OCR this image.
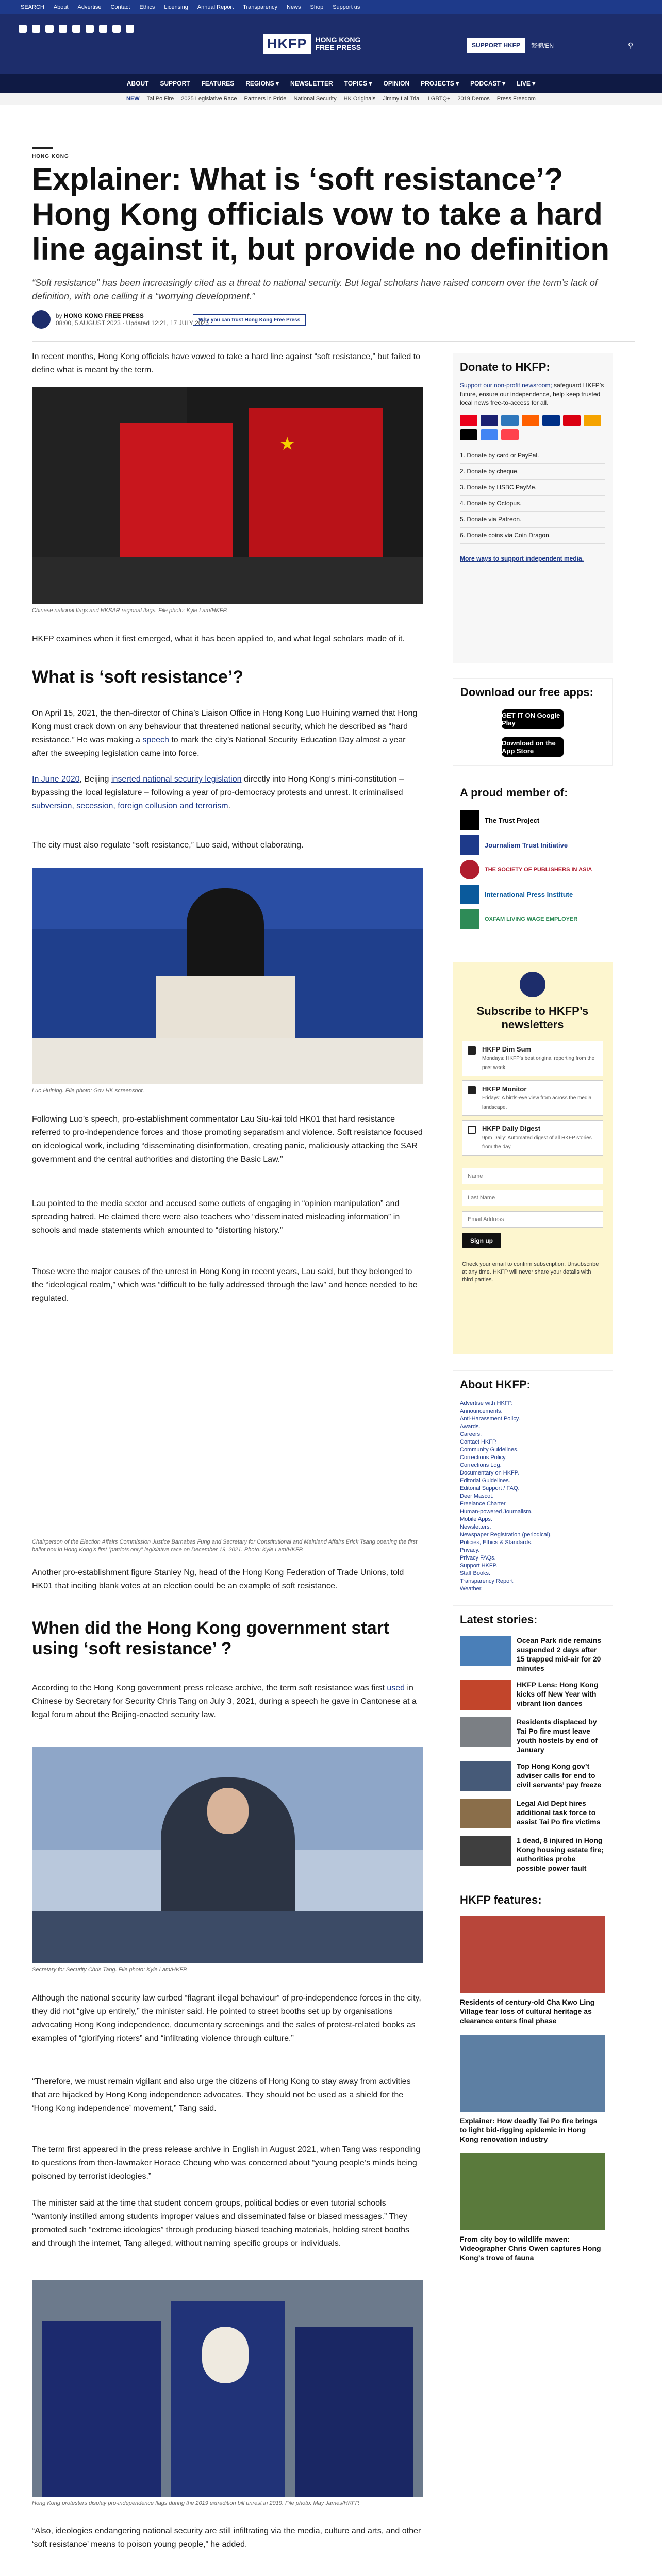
SEARCH About Advertise Contact Ethics Licensing Annual Report Transparency News Shop Support us
HKFP	HONG KONG
FREE PRESS	SUPPORT HKFP	繁體/EN	⚲
ABOUT SUPPORT FEATURES REGIONS ▾ NEWSLETTER TOPICS ▾ OPINION PROJECTS ▾ PODCAST ▾ LIVE ▾
NEW Tai Po Fire 2025 Legislative Race Partners in Pride National Security HK Originals Jimmy Lai Trial LGBTQ+ 2019 Demos Press Freedom
HONG KONG
Explainer: What is ‘soft resistance’? Hong Kong officials vow to take a hard line against it, but provide no definition
“Soft resistance” has been increasingly cited as a threat to national security. But legal scholars have raised concern over the term’s lack of definition, with one calling it a “worrying development.”
by HONG KONG FREE PRESS
08:00, 5 AUGUST 2023 · Updated 12:21, 17 JULY 2025
Why you can trust Hong Kong Free Press

In recent months, Hong Kong officials have vowed to take a hard line against “soft resistance,” but failed to define what is meant by the term.

★
Chinese national flags and HKSAR regional flags. File photo: Kyle Lam/HKFP.

HKFP examines when it first emerged, what it has been applied to, and what legal scholars made of it.

What is ‘soft resistance’?

On April 15, 2021, the then-director of China’s Liaison Office in Hong Kong Luo Huining warned that Hong Kong must crack down on any behaviour that threatened national security, which he described as “hard resistance.” He was making a speech to mark the city’s National Security Education Day almost a year after the sweeping legislation came into force.

In June 2020, Beijing inserted national security legislation directly into Hong Kong’s mini-constitution – bypassing the local legislature – following a year of pro-democracy protests and unrest. It criminalised subversion, secession, foreign collusion and terrorism.

The city must also regulate “soft resistance,” Luo said, without elaborating.

Luo Huining. File photo: Gov HK screenshot.

Following Luo’s speech, pro-establishment commentator Lau Siu-kai told HK01 that hard resistance referred to pro-independence forces and those promoting separatism and violence. Soft resistance focused on ideological work, including “disseminating disinformation, creating panic, maliciously attacking the SAR government and the central authorities and distorting the Basic Law.”

Lau pointed to the media sector and accused some outlets of engaging in “opinion manipulation” and spreading hatred. He claimed there were also teachers who “disseminated misleading information” in schools and made statements which amounted to “distorting history.”

Those were the major causes of the unrest in Hong Kong in recent years, Lau said, but they belonged to the “ideological realm,” which was “difficult to be fully addressed through the law” and hence needed to be regulated.

Chairperson of the Election Affairs Commission Justice Barnabas Fung and Secretary for Constitutional and Mainland Affairs Erick Tsang opening the first ballot box in Hong Kong’s first “patriots only” legislative race on December 19, 2021. Photo: Kyle Lam/HKFP.

Another pro-establishment figure Stanley Ng, head of the Hong Kong Federation of Trade Unions, told HK01 that inciting blank votes at an election could be an example of soft resistance.

When did the Hong Kong government start using ‘soft resistance’ ?

According to the Hong Kong government press release archive, the term soft resistance was first used in Chinese by Secretary for Security Chris Tang on July 3, 2021, during a speech he gave in Cantonese at a legal forum about the Beijing-enacted security law.

Secretary for Security Chris Tang. File photo: Kyle Lam/HKFP.

Although the national security law curbed “flagrant illegal behaviour” of pro-independence forces in the city, they did not “give up entirely,” the minister said. He pointed to street booths set up by organisations advocating Hong Kong independence, documentary screenings and the sales of protest-related books as examples of “glorifying rioters” and “infiltrating violence through culture.”

“Therefore, we must remain vigilant and also urge the citizens of Hong Kong to stay away from activities that are hijacked by Hong Kong independence advocates. They should not be used as a shield for the ‘Hong Kong independence’ movement,” Tang said.

The term first appeared in the press release archive in English in August 2021, when Tang was responding to questions from then-lawmaker Horace Cheung who was concerned about “young people’s minds being poisoned by terrorist ideologies.”

The minister said at the time that student concern groups, political bodies or even tutorial schools “wantonly instilled among students improper values and disseminated false or biased messages.” They promoted such “extreme ideologies” through producing biased teaching materials, holding street booths and through the internet, Tang alleged, without naming specific groups or individuals.

Hong Kong protesters display pro-independence flags during the 2019 extradition bill unrest in 2019. File photo: May James/HKFP.

“Also, ideologies endangering national security are still infiltrating via the media, culture and arts, and other ‘soft resistance’ means to poison young people,” he added.

Donate to HKFP:

Support our non-profit newsroom; safeguard HKFP’s future, ensure our independence, help keep trusted local news free-to-access for all.

1. Donate by card or PayPal.
2. Donate by cheque.
3. Donate by HSBC PayMe.
4. Donate by Octopus.
5. Donate via Patreon.
6. Donate coins via Coin Dragon.
More ways to support independent media.
Download our free apps:
GET IT ON Google Play
Download on the App Store
A proud member of:
The Trust Project
Journalism Trust Initiative
THE SOCIETY OF PUBLISHERS IN ASIA
International Press Institute
OXFAM LIVING WAGE EMPLOYER
Subscribe to HKFP’s newsletters
HKFP Dim Sum
Mondays: HKFP’s best original reporting from the past week.
HKFP Monitor
Fridays: A birds-eye view from across the media landscape.
HKFP Daily Digest
9pm Daily: Automated digest of all HKFP stories from the day.
Name Last Name Email Address Sign up

Check your email to confirm subscription. Unsubscribe at any time. HKFP will never share your details with third parties.

About HKFP:
Advertise with HKFP.
Announcements.
Anti-Harassment Policy.
Awards.
Careers.
Contact HKFP.
Community Guidelines.
Corrections Policy.
Corrections Log.
Documentary on HKFP.
Editorial Guidelines.
Editorial Support / FAQ.
Deer Mascot.
Freelance Charter.
Human-powered Journalism.
Mobile Apps.
Newsletters.
Newspaper Registration (periodical).
Policies, Ethics & Standards.
Privacy.
Privacy FAQs.
Support HKFP.
Staff Books.
Transparency Report.
Weather.
Latest stories:
Ocean Park ride remains suspended 2 days after 15 trapped mid-air for 20 minutes
HKFP Lens: Hong Kong kicks off New Year with vibrant lion dances
Residents displaced by Tai Po fire must leave youth hostels by end of January
Top Hong Kong gov’t adviser calls for end to civil servants’ pay freeze
Legal Aid Dept hires additional task force to assist Tai Po fire victims
1 dead, 8 injured in Hong Kong housing estate fire; authorities probe possible power fault
HKFP features:
Residents of century-old Cha Kwo Ling Village fear loss of cultural heritage as clearance enters final phase
Explainer: How deadly Tai Po fire brings to light bid-rigging epidemic in Hong Kong renovation industry
From city boy to wildlife maven: Videographer Chris Owen captures Hong Kong’s trove of fauna
